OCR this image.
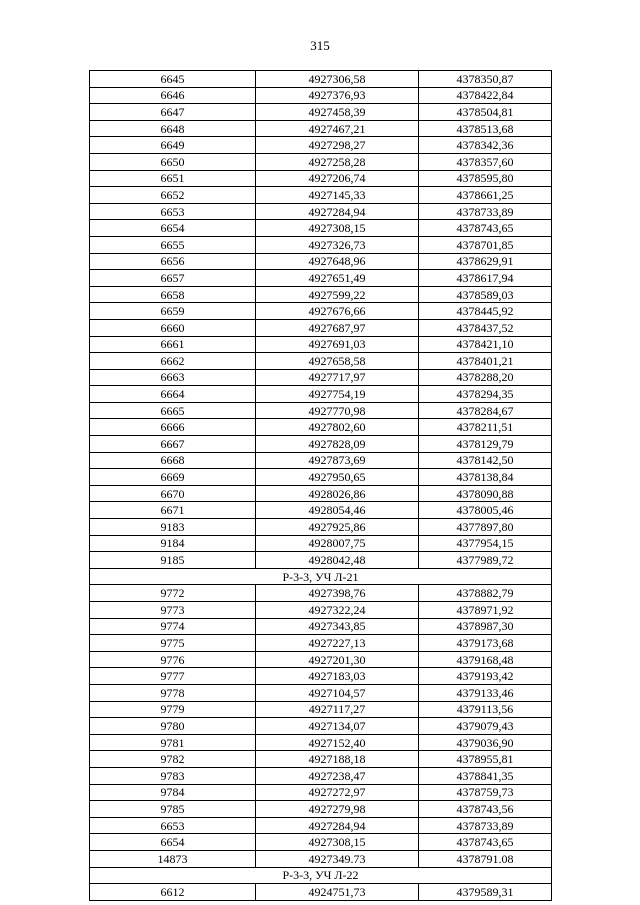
315
6645	4927306,58	4378350,87
6646	4927376,93	4378422,84
6647	4927458,39	4378504,81
6648	4927467,21	4378513,68
6649	4927298,27	4378342,36
6650	4927258,28	4378357,60
6651	4927206,74	4378595,80
6652	4927145,33	4378661,25
6653	4927284,94	4378733,89
6654	4927308,15	4378743,65
6655	4927326,73	4378701,85
6656	4927648,96	4378629,91
6657	4927651,49	4378617,94
6658	4927599,22	4378589,03
6659	4927676,66	4378445,92
6660	4927687,97	4378437,52
6661	4927691,03	4378421,10
6662	4927658,58	4378401,21
6663	4927717,97	4378288,20
6664	4927754,19	4378294,35
6665	4927770,98	4378284,67
6666	4927802,60	4378211,51
6667	4927828,09	4378129,79
6668	4927873,69	4378142,50
6669	4927950,65	4378138,84
6670	4928026,86	4378090,88
6671	4928054,46	4378005,46
9183	4927925,86	4377897,80
9184	4928007,75	4377954,15
9185	4928042,48	4377989,72
Р-3-3, УЧ Л-21		
9772	4927398,76	4378882,79
9773	4927322,24	4378971,92
9774	4927343,85	4378987,30
9775	4927227,13	4379173,68
9776	4927201,30	4379168,48
9777	4927183,03	4379193,42
9778	4927104,57	4379133,46
9779	4927117,27	4379113,56
9780	4927134,07	4379079,43
9781	4927152,40	4379036,90
9782	4927188,18	4378955,81
9783	4927238,47	4378841,35
9784	4927272,97	4378759,73
9785	4927279,98	4378743,56
6653	4927284,94	4378733,89
6654	4927308,15	4378743,65
14873	4927349.73	4378791.08
Р-3-3, УЧ Л-22		
6612	4924751,73	4379589,31
